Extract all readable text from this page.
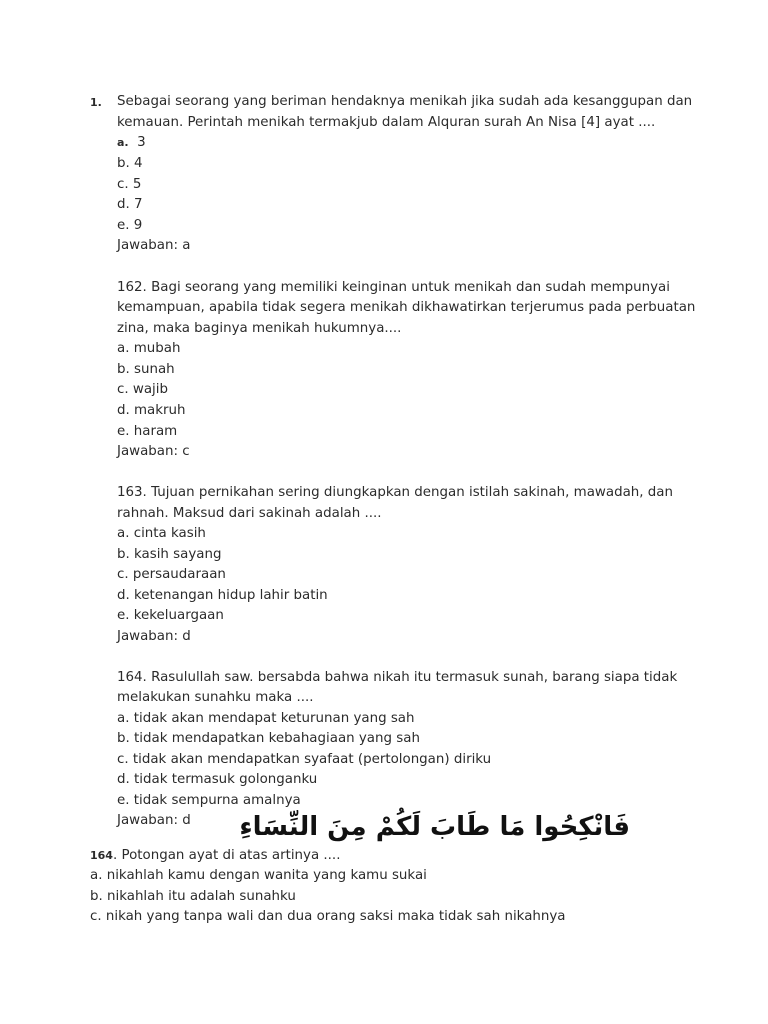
1. Sebagai seorang yang beriman hendaknya menikah jika sudah ada kesanggupan dan
kemauan. Perintah menikah termakjub dalam Alquran surah An Nisa [4] ayat ....
a. 3
b. 4
c. 5
d. 7
e. 9
Jawaban: a
162. Bagi seorang yang memiliki keinginan untuk menikah dan sudah mempunyai
kemampuan, apabila tidak segera menikah dikhawatirkan terjerumus pada perbuatan
zina, maka baginya menikah hukumnya....
a. mubah
b. sunah
c. wajib
d. makruh
e. haram
Jawaban: c
163. Tujuan pernikahan sering diungkapkan dengan istilah sakinah, mawadah, dan
rahnah. Maksud dari sakinah adalah ....
a. cinta kasih
b. kasih sayang
c. persaudaraan
d. ketenangan hidup lahir batin
e. kekeluargaan
Jawaban: d
164. Rasulullah saw. bersabda bahwa nikah itu termasuk sunah, barang siapa tidak
melakukan sunahku maka ....
a. tidak akan mendapat keturunan yang sah
b. tidak mendapatkan kebahagiaan yang sah
c. tidak akan mendapatkan syafaat (pertolongan) diriku
d. tidak termasuk golonganku
e. tidak sempurna amalnya
Jawaban: d فَانْكِحُوا مَا طَابَ لَكُمْ مِنَ النِّسَاءِ
164. Potongan ayat di atas artinya ....
a. nikahlah kamu dengan wanita yang kamu sukai
b. nikahlah itu adalah sunahku
c. nikah yang tanpa wali dan dua orang saksi maka tidak sah nikahnya
